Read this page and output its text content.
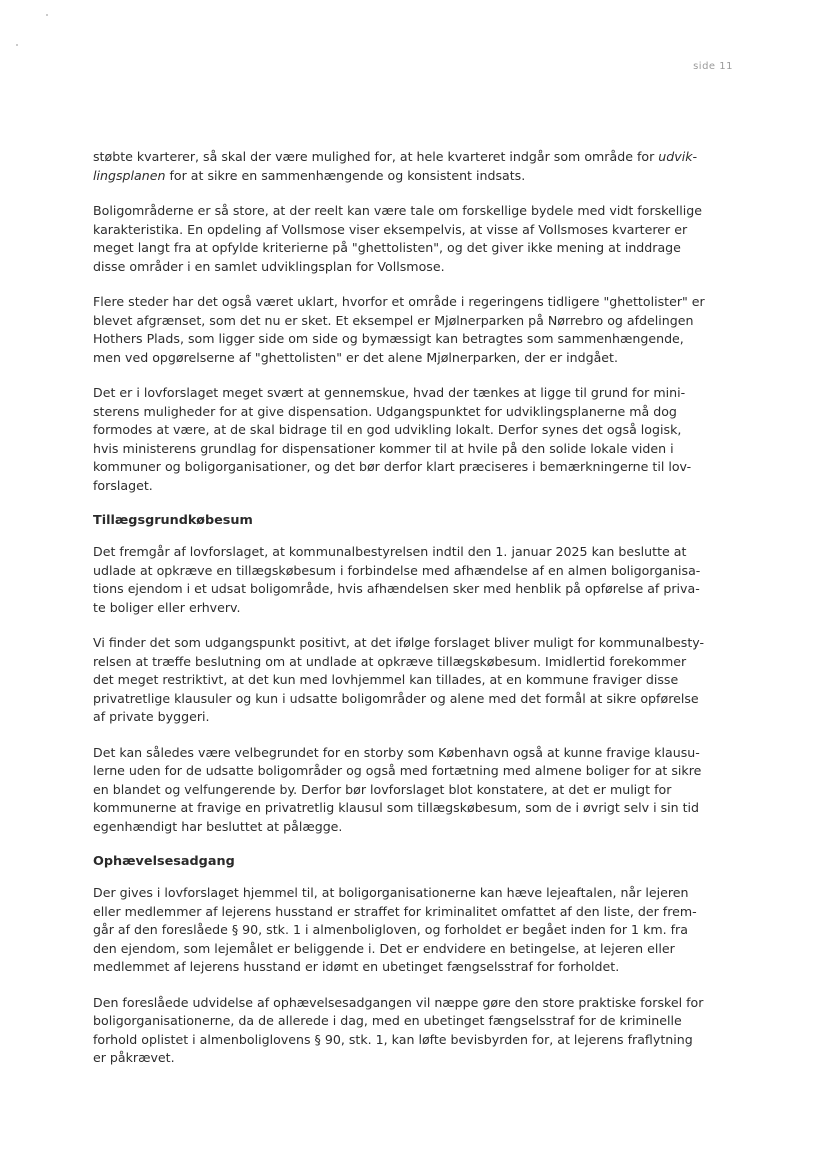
side 11

støbte kvarterer, så skal der være mulighed for, at hele kvarteret indgår som område for udvik-
lingsplanen for at sikre en sammenhængende og konsistent indsats.

Boligområderne er så store, at der reelt kan være tale om forskellige bydele med vidt forskellige
karakteristika. En opdeling af Vollsmose viser eksempelvis, at visse af Vollsmoses kvarterer er
meget langt fra at opfylde kriterierne på "ghettolisten", og det giver ikke mening at inddrage
disse områder i en samlet udviklingsplan for Vollsmose.

Flere steder har det også været uklart, hvorfor et område i regeringens tidligere "ghettolister" er
blevet afgrænset, som det nu er sket. Et eksempel er Mjølnerparken på Nørrebro og afdelingen
Hothers Plads, som ligger side om side og bymæssigt kan betragtes som sammenhængende,
men ved opgørelserne af "ghettolisten" er det alene Mjølnerparken, der er indgået.

Det er i lovforslaget meget svært at gennemskue, hvad der tænkes at ligge til grund for mini-
sterens muligheder for at give dispensation. Udgangspunktet for udviklingsplanerne må dog
formodes at være, at de skal bidrage til en god udvikling lokalt. Derfor synes det også logisk,
hvis ministerens grundlag for dispensationer kommer til at hvile på den solide lokale viden i
kommuner og boligorganisationer, og det bør derfor klart præciseres i bemærkningerne til lov-
forslaget.

Tillægsgrundkøbesum

Det fremgår af lovforslaget, at kommunalbestyrelsen indtil den 1. januar 2025 kan beslutte at
udlade at opkræve en tillægskøbesum i forbindelse med afhændelse af en almen boligorganisa-
tions ejendom i et udsat boligområde, hvis afhændelsen sker med henblik på opførelse af priva-
te boliger eller erhverv.

Vi finder det som udgangspunkt positivt, at det ifølge forslaget bliver muligt for kommunalbesty-
relsen at træffe beslutning om at undlade at opkræve tillægskøbesum. Imidlertid forekommer
det meget restriktivt, at det kun med lovhjemmel kan tillades, at en kommune fraviger disse
privatretlige klausuler og kun i udsatte boligområder og alene med det formål at sikre opførelse
af private byggeri.

Det kan således være velbegrundet for en storby som København også at kunne fravige klausu-
lerne uden for de udsatte boligområder og også med fortætning med almene boliger for at sikre
en blandet og velfungerende by. Derfor bør lovforslaget blot konstatere, at det er muligt for
kommunerne at fravige en privatretlig klausul som tillægskøbesum, som de i øvrigt selv i sin tid
egenhændigt har besluttet at pålægge.

Ophævelsesadgang

Der gives i lovforslaget hjemmel til, at boligorganisationerne kan hæve lejeaftalen, når lejeren
eller medlemmer af lejerens husstand er straffet for kriminalitet omfattet af den liste, der frem-
går af den foreslåede § 90, stk. 1 i almenboligloven, og forholdet er begået inden for 1 km. fra
den ejendom, som lejemålet er beliggende i. Det er endvidere en betingelse, at lejeren eller
medlemmet af lejerens husstand er idømt en ubetinget fængselsstraf for forholdet.

Den foreslåede udvidelse af ophævelsesadgangen vil næppe gøre den store praktiske forskel for
boligorganisationerne, da de allerede i dag, med en ubetinget fængselsstraf for de kriminelle
forhold oplistet i almenboliglovens § 90, stk. 1, kan løfte bevisbyrden for, at lejerens fraflytning
er påkrævet.
